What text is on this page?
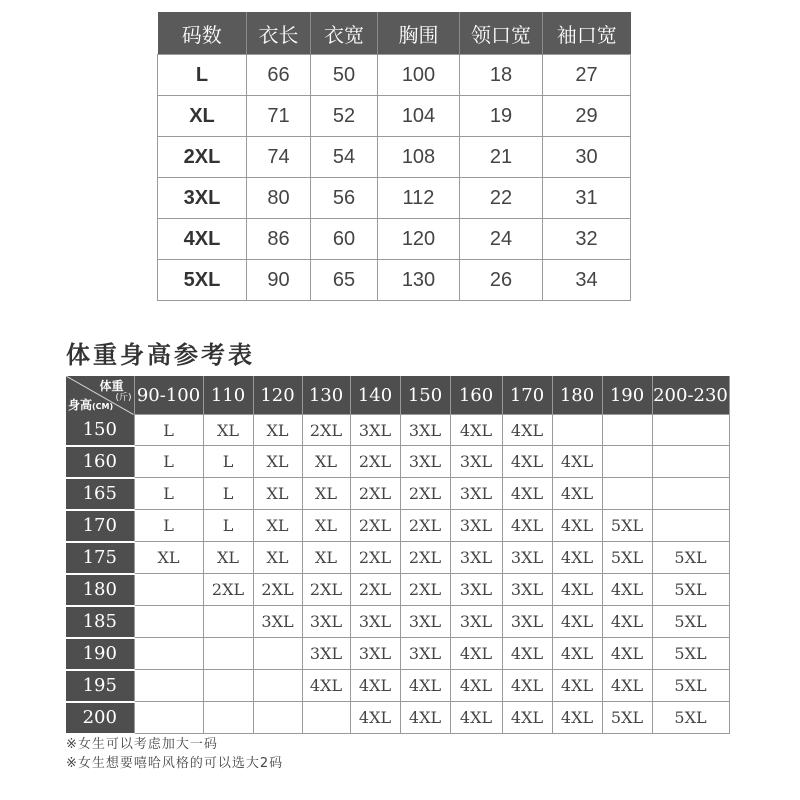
码数	衣长	衣宽	胸围	领口宽	袖口宽
L	66	50	100	18	27
XL	71	52	104	19	29
2XL	74	54	108	21	30
3XL	80	56	112	22	31
4XL	86	60	120	24	32
5XL	90	65	130	26	34
体重身高参考表
体重
(斤)
身高(CM)	90-100	110	120	130	140	150	160	170	180	190	200-230
150	L	XL	XL	2XL	3XL	3XL	4XL	4XL			
160	L	L	XL	XL	2XL	3XL	3XL	4XL	4XL		
165	L	L	XL	XL	2XL	2XL	3XL	4XL	4XL		
170	L	L	XL	XL	2XL	2XL	3XL	4XL	4XL	5XL	
175	XL	XL	XL	XL	2XL	2XL	3XL	3XL	4XL	5XL	5XL
180		2XL	2XL	2XL	2XL	2XL	3XL	3XL	4XL	4XL	5XL
185			3XL	3XL	3XL	3XL	3XL	3XL	4XL	4XL	5XL
190				3XL	3XL	3XL	4XL	4XL	4XL	4XL	5XL
195				4XL	4XL	4XL	4XL	4XL	4XL	4XL	5XL
200					4XL	4XL	4XL	4XL	4XL	5XL	5XL

※女生可以考虑加大一码

※女生想要嘻哈风格的可以选大2码
